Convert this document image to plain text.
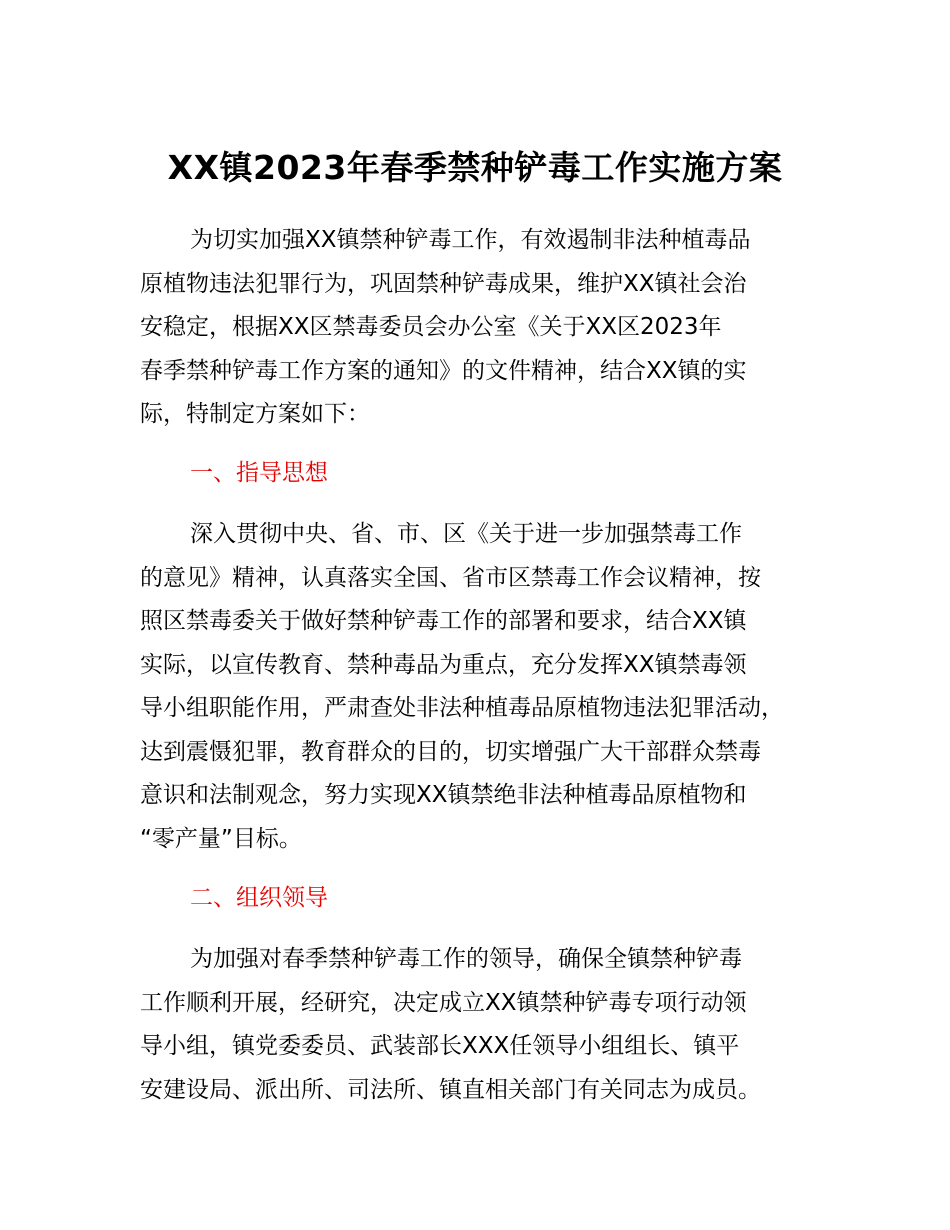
XX镇2023年春季禁种铲毒工作实施方案
为切实加强XX镇禁种铲毒工作，有效遏制非法种植毒品
原植物违法犯罪行为，巩固禁种铲毒成果，维护XX镇社会治
安稳定，根据XX区禁毒委员会办公室《关于XX区2023年
春季禁种铲毒工作方案的通知》的文件精神，结合XX镇的实
际，特制定方案如下：
一、指导思想
深入贯彻中央、省、市、区《关于进一步加强禁毒工作
的意见》精神，认真落实全国、省市区禁毒工作会议精神，按
照区禁毒委关于做好禁种铲毒工作的部署和要求，结合XX镇
实际，以宣传教育、禁种毒品为重点，充分发挥XX镇禁毒领
导小组职能作用，严肃查处非法种植毒品原植物违法犯罪活动，
达到震慑犯罪，教育群众的目的，切实增强广大干部群众禁毒
意识和法制观念，努力实现XX镇禁绝非法种植毒品原植物和
“零产量”目标。
二、组织领导
为加强对春季禁种铲毒工作的领导，确保全镇禁种铲毒
工作顺利开展，经研究，决定成立XX镇禁种铲毒专项行动领
导小组，镇党委委员、武装部长XXX任领导小组组长、镇平
安建设局、派出所、司法所、镇直相关部门有关同志为成员。
